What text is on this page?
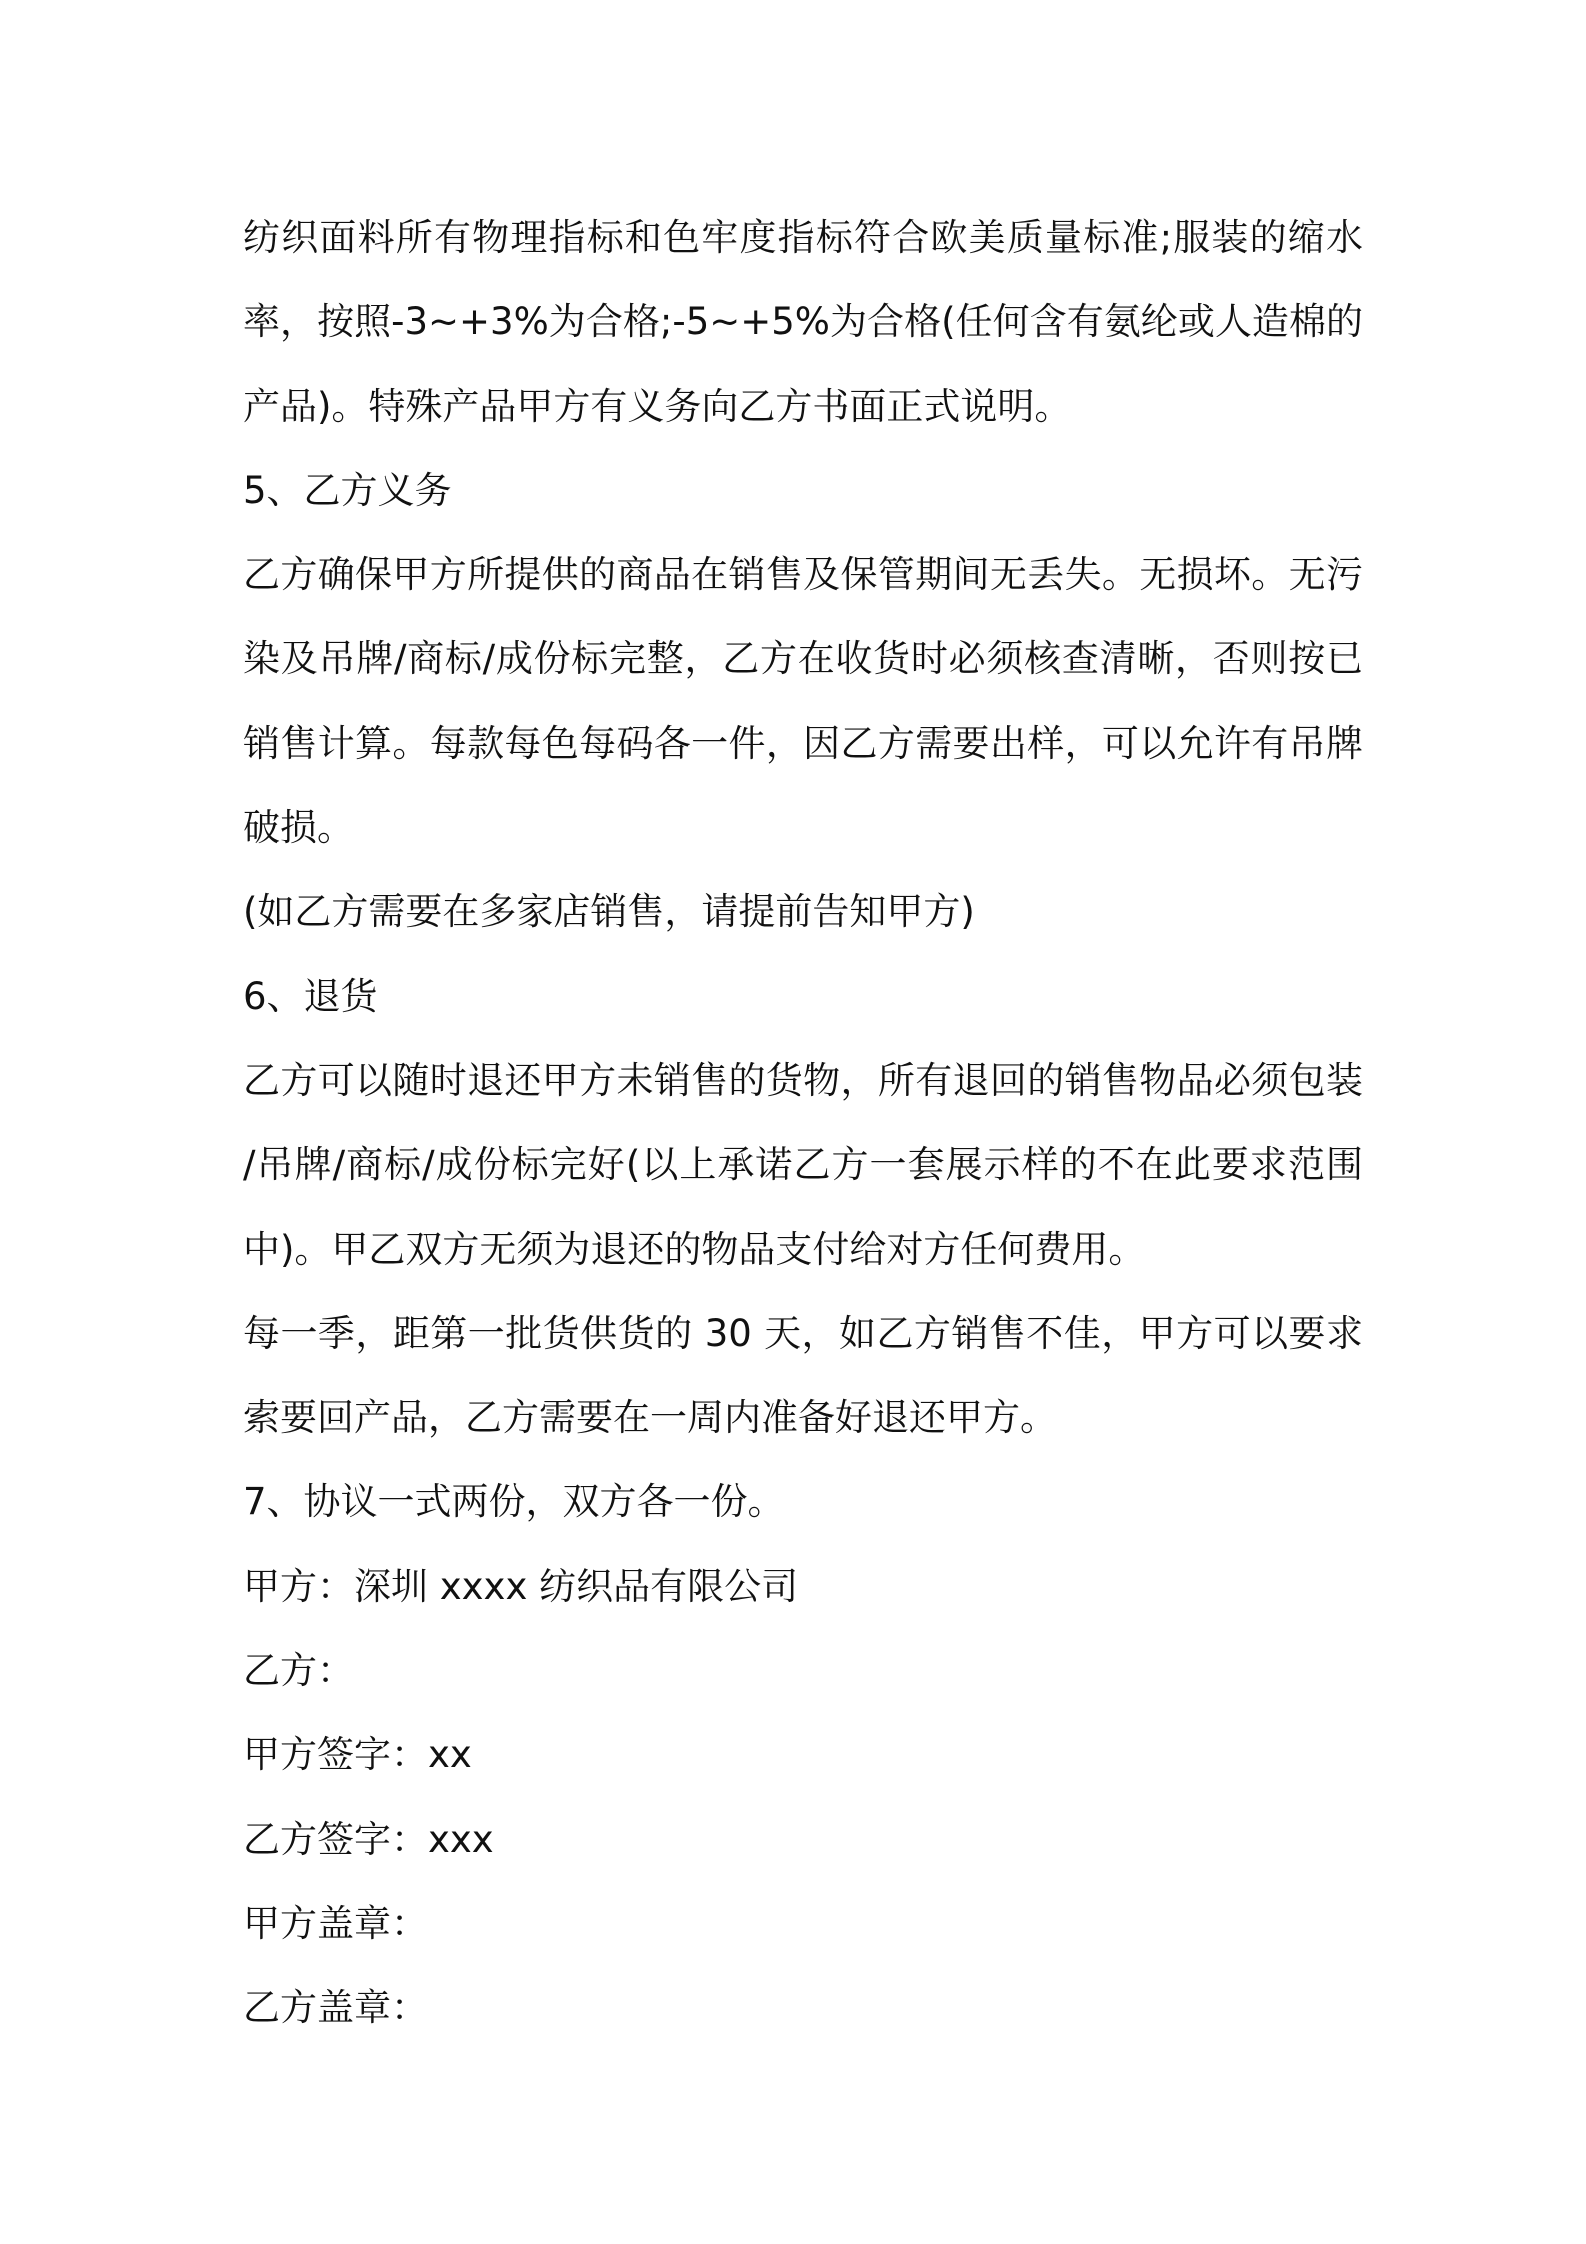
纺织面料所有物理指标和色牢度指标符合欧美质量标准;服装的缩水率，按照-3~+3%为合格;-5~+5%为合格(任何含有氨纶或人造棉的产品)。特殊产品甲方有义务向乙方书面正式说明。

5、乙方义务

乙方确保甲方所提供的商品在销售及保管期间无丢失。无损坏。无污染及吊牌/商标/成份标完整，乙方在收货时必须核查清晰，否则按已销售计算。每款每色每码各一件，因乙方需要出样，可以允许有吊牌破损。

(如乙方需要在多家店销售，请提前告知甲方)

6、退货

乙方可以随时退还甲方未销售的货物，所有退回的销售物品必须包装/吊牌/商标/成份标完好(以上承诺乙方一套展示样的不在此要求范围中)。甲乙双方无须为退还的物品支付给对方任何费用。

每一季，距第一批货供货的 30 天，如乙方销售不佳，甲方可以要求索要回产品，乙方需要在一周内准备好退还甲方。

7、协议一式两份，双方各一份。

甲方：深圳 xxxx 纺织品有限公司

乙方：

甲方签字：xx

乙方签字：xxx

甲方盖章：

乙方盖章：
